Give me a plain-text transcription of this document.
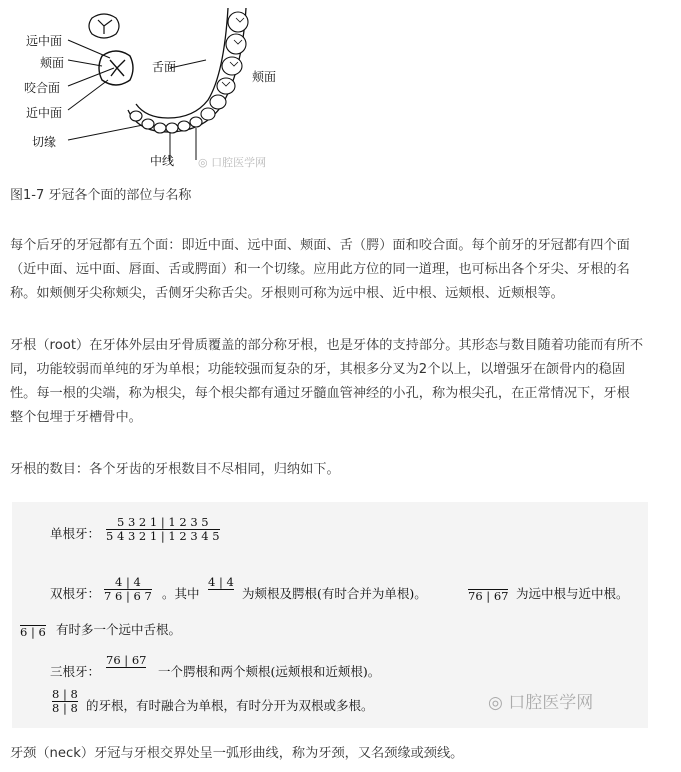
远中面
颊面
咬合面
近中面
切缘
舌面
颊面
中线 ◎ 口腔医学网
图1-7 牙冠各个面的部位与名称
每个后牙的牙冠都有五个面：即近中面、远中面、颊面、舌（腭）面和咬合面。每个前牙的牙冠都有四个面
（近中面、远中面、唇面、舌或腭面）和一个切缘。应用此方位的同一道理，也可标出各个牙尖、牙根的名
称。如颊侧牙尖称颊尖，舌侧牙尖称舌尖。牙根则可称为远中根、近中根、远颊根、近颊根等。
牙根（root）在牙体外层由牙骨质覆盖的部分称牙根，也是牙体的支持部分。其形态与数目随着功能而有所不
同，功能较弱而单纯的牙为单根；功能较强而复杂的牙，其根多分叉为2个以上，以增强牙在颌骨内的稳固
性。每一根的尖端，称为根尖，每个根尖都有通过牙髓血管神经的小孔，称为根尖孔，在正常情况下，牙根
整个包埋于牙槽骨中。
牙根的数目：各个牙齿的牙根数目不尽相同，归纳如下。
单根牙： $\frac{5 3 2 1 | 1 2 3 5}{5 4 3 2 1 | 1 2 3 4 5}$
双根牙： $\frac{4 | 4}{7 6 | 6 7}$ 。其中
4 | 4

为颊根及腭根(有时合并为单根)。
	76 | 67 为远中根与近中根。

6 | 6 有时多一个远中舌根。
三根牙：
76 | 67

一个腭根和两个颊根(远颊根和近颊根)。
$\frac{8 | 8}{8 | 8}$ 的牙根，有时融合为单根，有时分开为双根或多根。	◎ 口腔医学网
牙颈（neck）牙冠与牙根交界处呈一弧形曲线，称为牙颈，又名颈缘或颈线。
